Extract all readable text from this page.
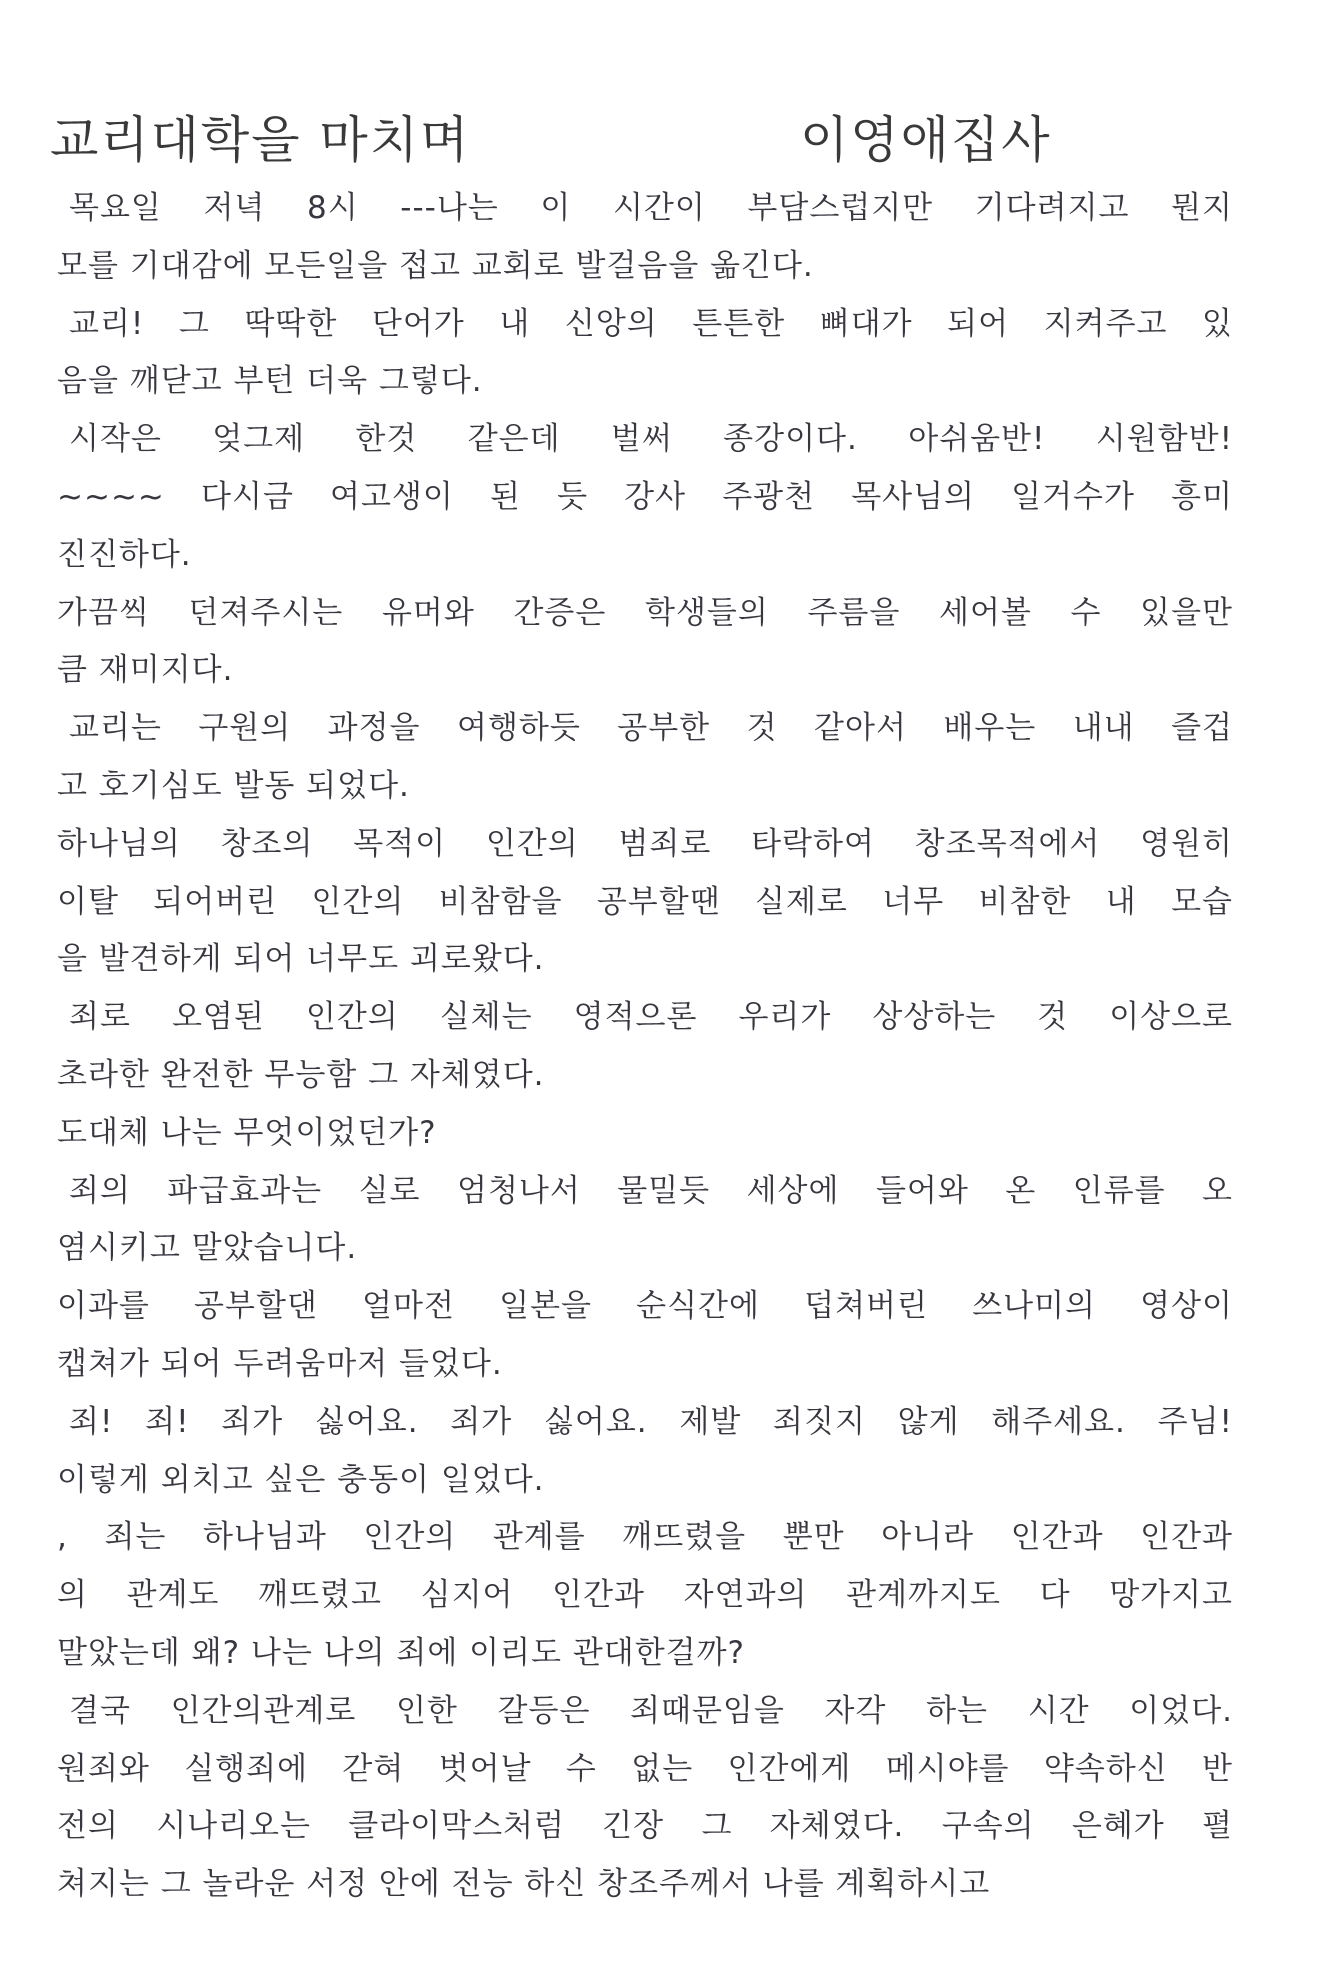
교리대학을 마치며	이영애집사
목요일 저녁 8시 ---나는 이 시간이 부담스럽지만 기다려지고 뭔지
모를 기대감에 모든일을 접고 교회로 발걸음을 옮긴다.
교리! 그 딱딱한 단어가 내 신앙의 튼튼한 뼈대가 되어 지켜주고 있
음을 깨닫고 부턴 더욱 그렇다.
시작은 엊그제 한것 같은데 벌써 종강이다. 아쉬움반! 시원함반!
~~~~ 다시금 여고생이 된 듯 강사 주광천 목사님의 일거수가 흥미
진진하다.
가끔씩 던져주시는 유머와 간증은 학생들의 주름을 세어볼 수 있을만
큼 재미지다.
교리는 구원의 과정을 여행하듯 공부한 것 같아서 배우는 내내 즐겁
고 호기심도 발동 되었다.
하나님의 창조의 목적이 인간의 범죄로 타락하여 창조목적에서 영원히
이탈 되어버린 인간의 비참함을 공부할땐 실제로 너무 비참한 내 모습
을 발견하게 되어 너무도 괴로왔다.
죄로 오염된 인간의 실체는 영적으론 우리가 상상하는 것 이상으로
초라한 완전한 무능함 그 자체였다.
도대체 나는 무엇이었던가?
죄의 파급효과는 실로 엄청나서 물밀듯 세상에 들어와 온 인류를 오
염시키고 말았습니다.
이과를 공부할댄 얼마전 일본을 순식간에 덥쳐버린 쓰나미의 영상이
캡쳐가 되어 두려움마저 들었다.
죄! 죄! 죄가 싫어요. 죄가 싫어요. 제발 죄짓지 않게 해주세요. 주님!
이렇게 외치고 싶은 충동이 일었다.
, 죄는 하나님과 인간의 관계를 깨뜨렸을 뿐만 아니라 인간과 인간과
의 관계도 깨뜨렸고 심지어 인간과 자연과의 관계까지도 다 망가지고
말았는데 왜? 나는 나의 죄에 이리도 관대한걸까?
결국 인간의관계로 인한 갈등은 죄때문임을 자각 하는 시간 이었다.
원죄와 실행죄에 갇혀 벗어날 수 없는 인간에게 메시야를 약속하신 반
전의 시나리오는 클라이막스처럼 긴장 그 자체였다. 구속의 은혜가 펼
쳐지는 그 놀라운 서정 안에 전능 하신 창조주께서 나를 계획하시고
